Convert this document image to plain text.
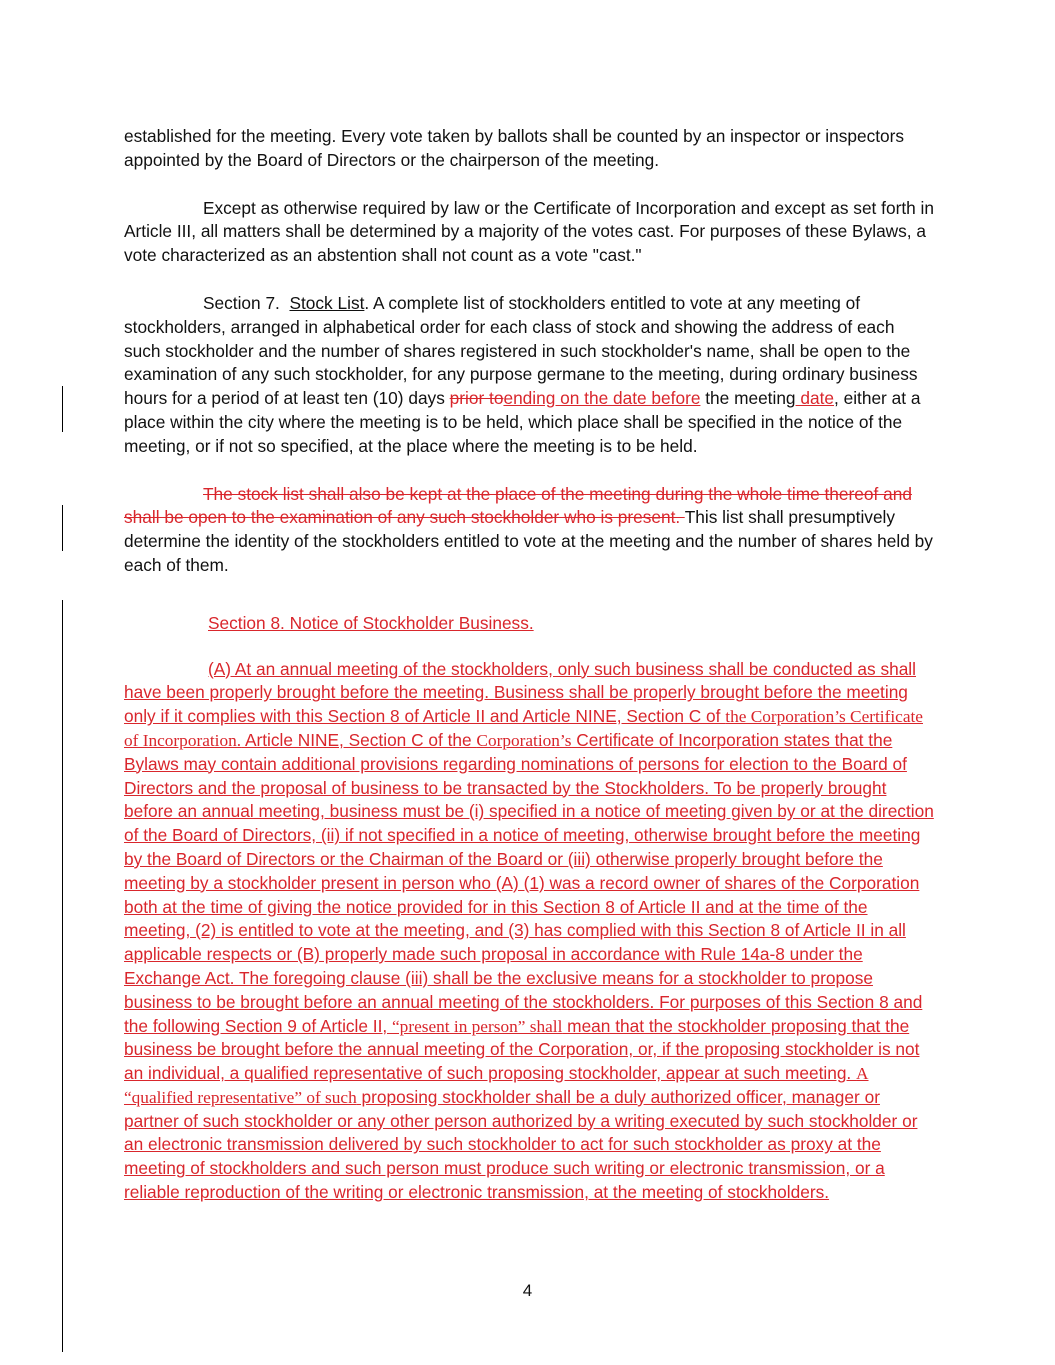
established for the meeting. Every vote taken by ballots shall be counted by an inspector or inspectors appointed by the Board of Directors or the chairperson of the meeting.

Except as otherwise required by law or the Certificate of Incorporation and except as set forth in Article III, all matters shall be determined by a majority of the votes cast. For purposes of these Bylaws, a vote characterized as an abstention shall not count as a vote "cast."

Section 7. Stock List. A complete list of stockholders entitled to vote at any meeting of stockholders, arranged in alphabetical order for each class of stock and showing the address of each such stockholder and the number of shares registered in such stockholder's name, shall be open to the examination of any such stockholder, for any purpose germane to the meeting, during ordinary business hours for a period of at least ten (10) days prior toending on the date before the meeting date, either at a place within the city where the meeting is to be held, which place shall be specified in the notice of the meeting, or if not so specified, at the place where the meeting is to be held.

The stock list shall also be kept at the place of the meeting during the whole time thereof and shall be open to the examination of any such stockholder who is present. This list shall presumptively determine the identity of the stockholders entitled to vote at the meeting and the number of shares held by each of them.

Section 8. Notice of Stockholder Business.

(A) At an annual meeting of the stockholders, only such business shall be conducted as shall have been properly brought before the meeting. Business shall be properly brought before the meeting only if it complies with this Section 8 of Article II and Article NINE, Section C of the Corporation’s Certificate of Incorporation. Article NINE, Section C of the Corporation’s Certificate of Incorporation states that the Bylaws may contain additional provisions regarding nominations of persons for election to the Board of Directors and the proposal of business to be transacted by the Stockholders. To be properly brought before an annual meeting, business must be (i) specified in a notice of meeting given by or at the direction of the Board of Directors, (ii) if not specified in a notice of meeting, otherwise brought before the meeting by the Board of Directors or the Chairman of the Board or (iii) otherwise properly brought before the meeting by a stockholder present in person who (A) (1) was a record owner of shares of the Corporation both at the time of giving the notice provided for in this Section 8 of Article II and at the time of the meeting, (2) is entitled to vote at the meeting, and (3) has complied with this Section 8 of Article II in all applicable respects or (B) properly made such proposal in accordance with Rule 14a-8 under the Exchange Act. The foregoing clause (iii) shall be the exclusive means for a stockholder to propose business to be brought before an annual meeting of the stockholders. For purposes of this Section 8 and the following Section 9 of Article II, “present in person” shall mean that the stockholder proposing that the business be brought before the annual meeting of the Corporation, or, if the proposing stockholder is not an individual, a qualified representative of such proposing stockholder, appear at such meeting. A “qualified representative” of such proposing stockholder shall be a duly authorized officer, manager or partner of such stockholder or any other person authorized by a writing executed by such stockholder or an electronic transmission delivered by such stockholder to act for such stockholder as proxy at the meeting of stockholders and such person must produce such writing or electronic transmission, or a reliable reproduction of the writing or electronic transmission, at the meeting of stockholders.

4
